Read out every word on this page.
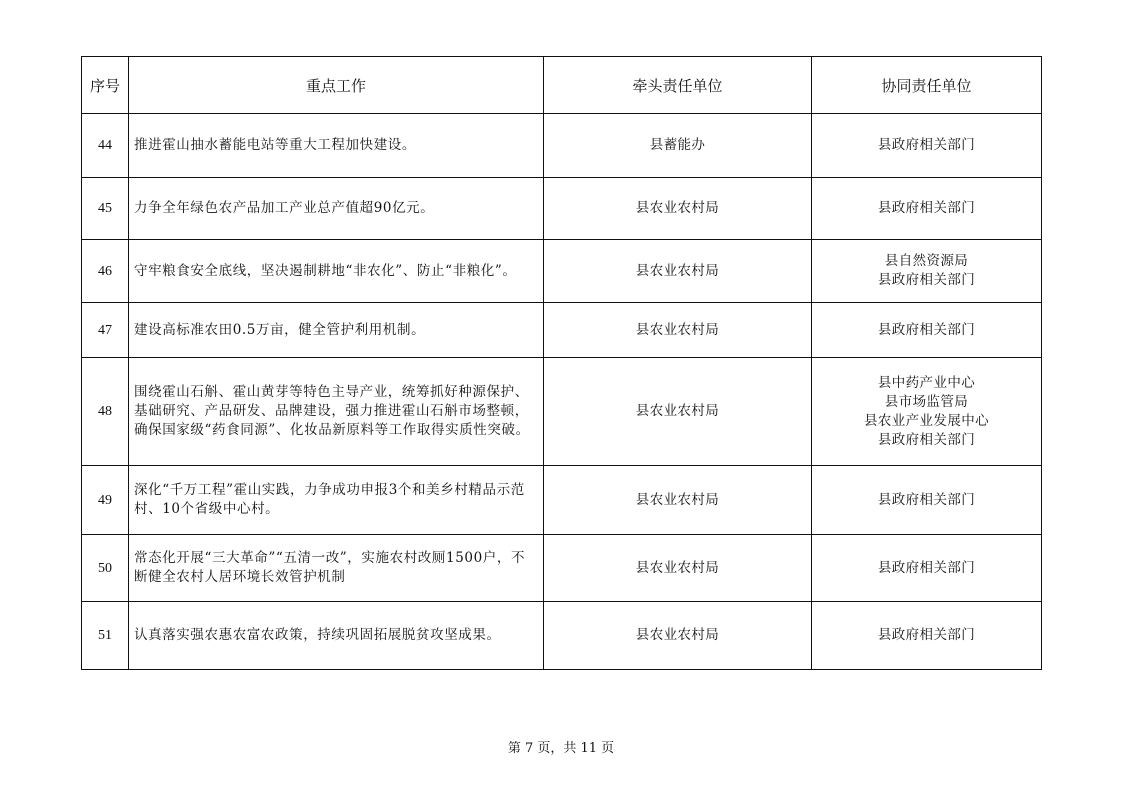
序号	重点工作	牵头责任单位	协同责任单位
44	推进霍山抽水蓄能电站等重大工程加快建设。	县蓄能办	县政府相关部门

45	力争全年绿色农产品加工产业总产值超90亿元。	县农业农村局	县政府相关部门

46	守牢粮食安全底线，坚决遏制耕地“非农化”、防止“非粮化”。	县农业农村局	县自然资源局
县政府相关部门

47	建设高标准农田0.5万亩，健全管护利用机制。	县农业农村局	县政府相关部门

48	围绕霍山石斛、霍山黄芽等特色主导产业，统筹抓好种源保护、基础研究、产品研发、品牌建设，强力推进霍山石斛市场整顿，确保国家级“药食同源”、化妆品新原料等工作取得实质性突破。	县农业农村局	县中药产业中心
县市场监管局
县农业产业发展中心
县政府相关部门

49	深化“千万工程”霍山实践，力争成功申报3个和美乡村精品示范村、10个省级中心村。	县农业农村局	县政府相关部门

50	常态化开展“三大革命”“五清一改”，实施农村改厕1500户，不断健全农村人居环境长效管护机制	县农业农村局	县政府相关部门

51	认真落实强农惠农富农政策，持续巩固拓展脱贫攻坚成果。	县农业农村局	县政府相关部门
第 7 页，共 11 页
